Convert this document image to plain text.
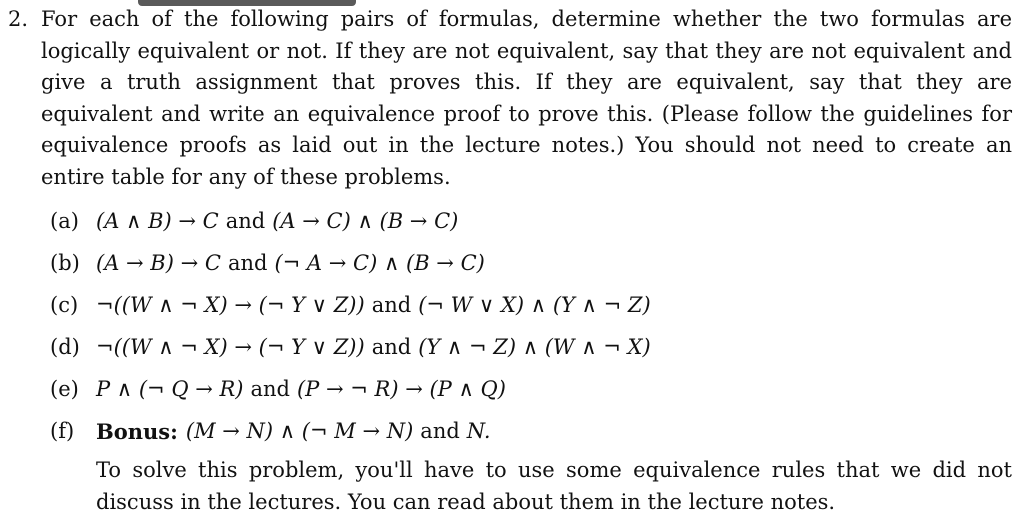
2. For each of the following pairs of formulas, determine whether the two formulas are logically equivalent or not. If they are not equivalent, say that they are not equivalent and give a truth assignment that proves this. If they are equivalent, say that they are equivalent and write an equivalence proof to prove this. (Please follow the guidelines for equivalence proofs as laid out in the lecture notes.) You should not need to create an entire table for any of these problems.
(a) (A ∧ B) → C and (A → C) ∧ (B → C)
(b) (A → B) → C and (¬ A → C) ∧ (B → C)
(c) ¬((W ∧ ¬ X) → (¬ Y ∨ Z)) and (¬ W ∨ X) ∧ (Y ∧ ¬ Z)
(d) ¬((W ∧ ¬ X) → (¬ Y ∨ Z)) and (Y ∧ ¬ Z) ∧ (W ∧ ¬ X)
(e) P ∧ (¬ Q → R) and (P → ¬ R) → (P ∧ Q)
(f)	Bonus: (M → N) ∧ (¬ M → N) and N.
To solve this problem, you'll have to use some equivalence rules that we did not discuss in the lectures. You can read about them in the lecture notes.
